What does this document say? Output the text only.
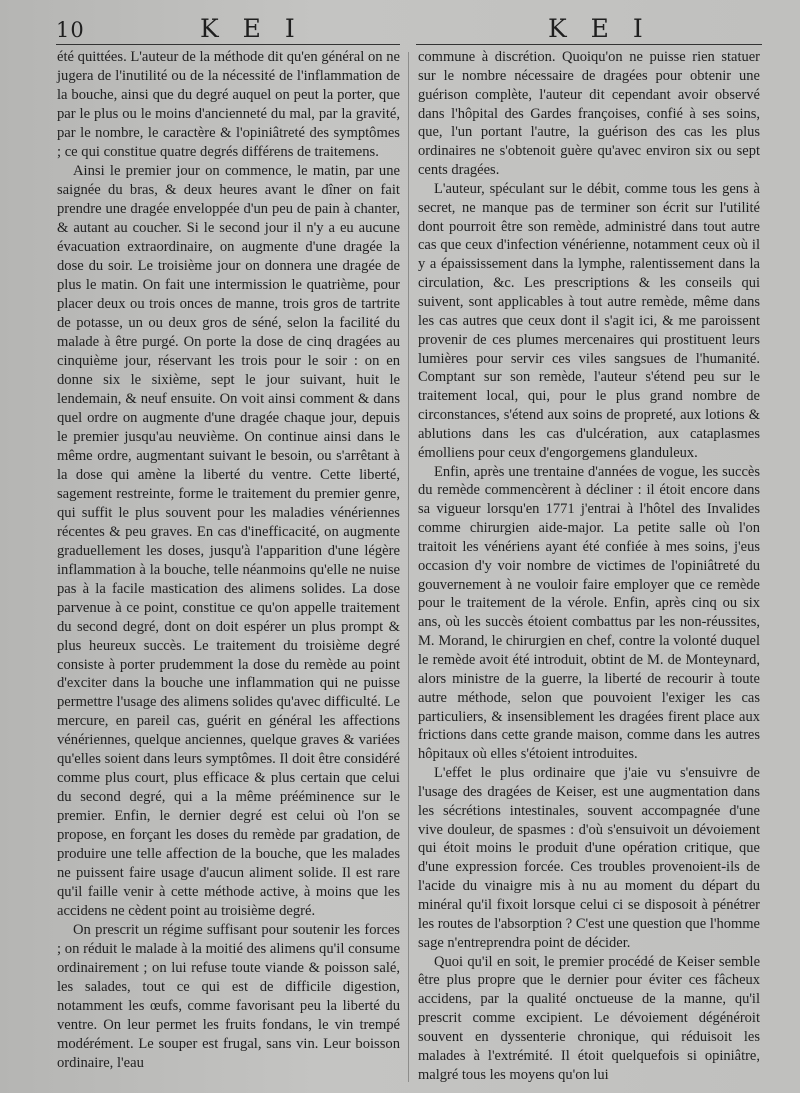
10	K E I	K E I

été quittées. L'auteur de la méthode dit qu'en général on ne jugera de l'inutilité ou de la nécessité de l'inflammation de la bouche, ainsi que du degré auquel on peut la porter, que par le plus ou le moins d'ancienneté du mal, par la gravité, par le nombre, le caractère & l'opiniâtreté des symptômes ; ce qui constitue quatre degrés différens de traitemens.

Ainsi le premier jour on commence, le matin, par une saignée du bras, & deux heures avant le dîner on fait prendre une dragée enveloppée d'un peu de pain à chanter, & autant au coucher. Si le second jour il n'y a eu aucune évacuation extraordinaire, on augmente d'une dragée la dose du soir. Le troisième jour on donnera une dragée de plus le matin. On fait une intermission le quatrième, pour placer deux ou trois onces de manne, trois gros de tartrite de potasse, un ou deux gros de séné, selon la facilité du malade à être purgé. On porte la dose de cinq dragées au cinquième jour, réservant les trois pour le soir : on en donne six le sixième, sept le jour suivant, huit le lendemain, & neuf ensuite. On voit ainsi comment & dans quel ordre on augmente d'une dragée chaque jour, depuis le premier jusqu'au neuvième. On continue ainsi dans le même ordre, augmentant suivant le besoin, ou s'arrêtant à la dose qui amène la liberté du ventre. Cette liberté, sagement restreinte, forme le traitement du premier genre, qui suffit le plus souvent pour les maladies vénériennes récentes & peu graves. En cas d'inefficacité, on augmente graduellement les doses, jusqu'à l'apparition d'une légère inflammation à la bouche, telle néanmoins qu'elle ne nuise pas à la facile mastication des alimens solides. La dose parvenue à ce point, constitue ce qu'on appelle traitement du second degré, dont on doit espérer un plus prompt & plus heureux succès. Le traitement du troisième degré consiste à porter prudemment la dose du remède au point d'exciter dans la bouche une inflammation qui ne puisse permettre l'usage des alimens solides qu'avec difficulté. Le mercure, en pareil cas, guérit en général les affections vénériennes, quelque anciennes, quelque graves & variées qu'elles soient dans leurs symptômes. Il doit être considéré comme plus court, plus efficace & plus certain que celui du second degré, qui a la même prééminence sur le premier. Enfin, le dernier degré est celui où l'on se propose, en forçant les doses du remède par gradation, de produire une telle affection de la bouche, que les malades ne puissent faire usage d'aucun aliment solide. Il est rare qu'il faille venir à cette méthode active, à moins que les accidens ne cèdent point au troisième degré.

On prescrit un régime suffisant pour soutenir les forces ; on réduit le malade à la moitié des alimens qu'il consume ordinairement ; on lui refuse toute viande & poisson salé, les salades, tout ce qui est de difficile digestion, notamment les œufs, comme favorisant peu la liberté du ventre. On leur permet les fruits fondans, le vin trempé modérément. Le souper est frugal, sans vin. Leur boisson ordinaire, l'eau

commune à discrétion. Quoiqu'on ne puisse rien statuer sur le nombre nécessaire de dragées pour obtenir une guérison complète, l'auteur dit cependant avoir observé dans l'hôpital des Gardes françoises, confié à ses soins, que, l'un portant l'autre, la guérison des cas les plus ordinaires ne s'obtenoit guère qu'avec environ six ou sept cents dragées.

L'auteur, spéculant sur le débit, comme tous les gens à secret, ne manque pas de terminer son écrit sur l'utilité dont pourroit être son remède, administré dans tout autre cas que ceux d'infection vénérienne, notamment ceux où il y a épaississement dans la lymphe, ralentissement dans la circulation, &c. Les prescriptions & les conseils qui suivent, sont applicables à tout autre remède, même dans les cas autres que ceux dont il s'agit ici, & me paroissent provenir de ces plumes mercenaires qui prostituent leurs lumières pour servir ces viles sangsues de l'humanité. Comptant sur son remède, l'auteur s'étend peu sur le traitement local, qui, pour le plus grand nombre de circonstances, s'étend aux soins de propreté, aux lotions & ablutions dans les cas d'ulcération, aux cataplasmes émolliens pour ceux d'engorgemens glanduleux.

Enfin, après une trentaine d'années de vogue, les succès du remède commencèrent à décliner : il étoit encore dans sa vigueur lorsqu'en 1771 j'entrai à l'hôtel des Invalides comme chirurgien aide-major. La petite salle où l'on traitoit les vénériens ayant été confiée à mes soins, j'eus occasion d'y voir nombre de victimes de l'opiniâtreté du gouvernement à ne vouloir faire employer que ce remède pour le traitement de la vérole. Enfin, après cinq ou six ans, où les succès étoient combattus par les non-réussites, M. Morand, le chirurgien en chef, contre la volonté duquel le remède avoit été introduit, obtint de M. de Monteynard, alors ministre de la guerre, la liberté de recourir à toute autre méthode, selon que pouvoient l'exiger les cas particuliers, & insensiblement les dragées firent place aux frictions dans cette grande maison, comme dans les autres hôpitaux où elles s'étoient introduites.

L'effet le plus ordinaire que j'aie vu s'ensuivre de l'usage des dragées de Keiser, est une augmentation dans les sécrétions intestinales, souvent accompagnée d'une vive douleur, de spasmes : d'où s'ensuivoit un dévoiement qui étoit moins le produit d'une opération critique, que d'une expression forcée. Ces troubles provenoient-ils de l'acide du vinaigre mis à nu au moment du départ du minéral qu'il fixoit lorsque celui ci se disposoit à pénétrer les routes de l'absorption ? C'est une question que l'homme sage n'entreprendra point de décider.

Quoi qu'il en soit, le premier procédé de Keiser semble être plus propre que le dernier pour éviter ces fâcheux accidens, par la qualité onctueuse de la manne, qu'il prescrit comme excipient. Le dévoiement dégénéroit souvent en dyssenterie chronique, qui réduisoit les malades à l'extrémité. Il étoit quelquefois si opiniâtre, malgré tous les moyens qu'on lui
